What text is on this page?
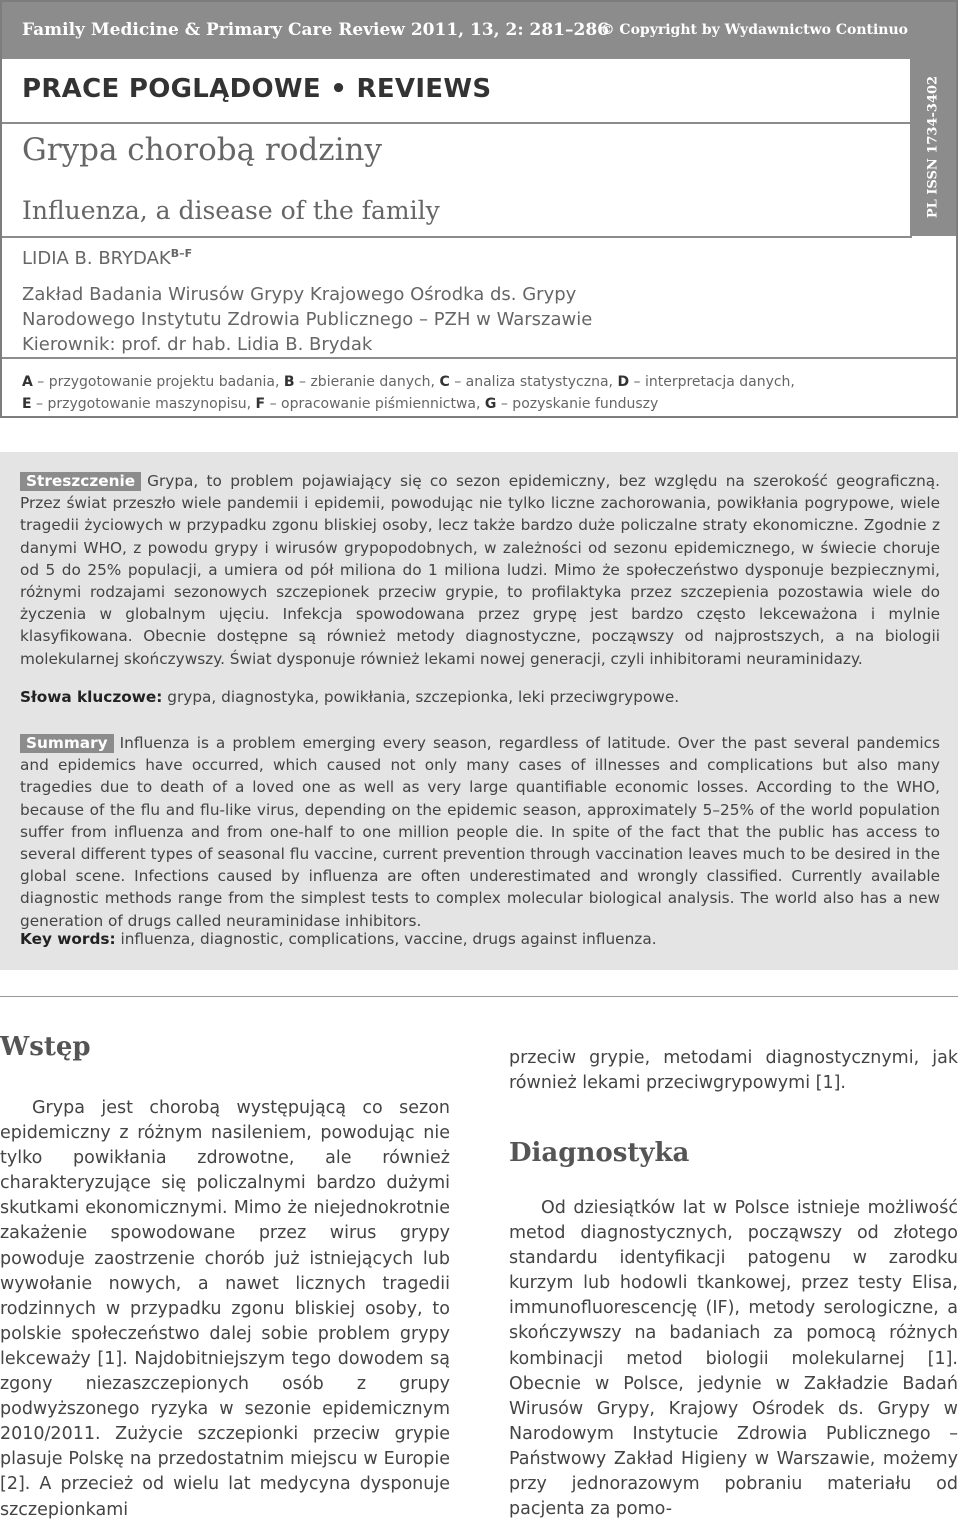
Family Medicine & Primary Care Review 2011, 13, 2: 281–286
© Copyright by Wydawnictwo Continuo
PL ISSN 1734-3402
PRACE POGLĄDOWE • REVIEWS
Grypa chorobą rodziny
Influenza, a disease of the family
LIDIA B. $BRYDAK^{B-F}$
Zakład Badania Wirusów Grypy Krajowego Ośrodka ds. Grypy
Narodowego Instytutu Zdrowia Publicznego – PZH w Warszawie
Kierownik: prof. dr hab. Lidia B. Brydak
A – przygotowanie projektu badania, B – zbieranie danych, C – analiza statystyczna, D – interpretacja danych,
E – przygotowanie maszynopisu, F – opracowanie piśmiennictwa, G – pozyskanie funduszy
Streszczenie Grypa, to problem pojawiający się co sezon epidemiczny, bez względu na szerokość geograficzną. Przez świat przeszło wiele pandemii i epidemii, powodując nie tylko liczne zachorowania, powikłania pogrypowe, wiele tragedii życiowych w przypadku zgonu bliskiej osoby, lecz także bardzo duże policzalne straty ekonomiczne. Zgodnie z danymi WHO, z powodu grypy i wirusów grypopodobnych, w zależności od sezonu epidemicznego, w świecie choruje od 5 do 25% populacji, a umiera od pół miliona do 1 miliona ludzi. Mimo że społeczeństwo dysponuje bezpiecznymi, różnymi rodzajami sezonowych szczepionek przeciw grypie, to profilaktyka przez szczepienia pozostawia wiele do życzenia w globalnym ujęciu. Infekcja spowodowana przez grypę jest bardzo często lekceważona i mylnie klasyfikowana. Obecnie dostępne są również metody diagnostyczne, począwszy od najprostszych, a na biologii molekularnej skończywszy. Świat dysponuje również lekami nowej generacji, czyli inhibitorami neuraminidazy.
Słowa kluczowe: grypa, diagnostyka, powikłania, szczepionka, leki przeciwgrypowe.
Summary Influenza is a problem emerging every season, regardless of latitude. Over the past several pandemics and epidemics have occurred, which caused not only many cases of illnesses and complications but also many tragedies due to death of a loved one as well as very large quantifiable economic losses. According to the WHO, because of the flu and flu-like virus, depending on the epidemic season, approximately 5–25% of the world population suffer from influenza and from one-half to one million people die. In spite of the fact that the public has access to several different types of seasonal flu vaccine, current prevention through vaccination leaves much to be desired in the global scene. Infections caused by influenza are often underestimated and wrongly classified. Currently available diagnostic methods range from the simplest tests to complex molecular biological analysis. The world also has a new generation of drugs called neuraminidase inhibitors.
Key words: influenza, diagnostic, complications, vaccine, drugs against influenza.
Wstęp

Grypa jest chorobą występującą co sezon epidemiczny z różnym nasileniem, powodując nie tylko powikłania zdrowotne, ale również charakteryzujące się policzalnymi bardzo dużymi skutkami ekonomicznymi. Mimo że niejednokrotnie zakażenie spowodowane przez wirus grypy powoduje zaostrzenie chorób już istniejących lub wywołanie nowych, a nawet licznych tragedii rodzinnych w przypadku zgonu bliskiej osoby, to polskie społeczeństwo dalej sobie problem grypy lekceważy [1]. Najdobitniejszym tego dowodem są zgony niezaszczepionych osób z grupy podwyższonego ryzyka w sezonie epidemicznym 2010/2011. Zużycie szczepionki przeciw grypie plasuje Polskę na przedostatnim miejscu w Europie [2]. A przecież od wielu lat medycyna dysponuje szczepionkami

przeciw grypie, metodami diagnostycznymi, jak również lekami przeciwgrypowymi [1].

Diagnostyka

Od dziesiątków lat w Polsce istnieje możliwość metod diagnostycznych, począwszy od złotego standardu identyfikacji patogenu w zarodku kurzym lub hodowli tkankowej, przez testy Elisa, immunofluorescencję (IF), metody serologiczne, a skończywszy na badaniach za pomocą różnych kombinacji metod biologii molekularnej [1]. Obecnie w Polsce, jedynie w Zakładzie Badań Wirusów Grypy, Krajowy Ośrodek ds. Grypy w Narodowym Instytucie Zdrowia Publicznego – Państwowy Zakład Higieny w Warszawie, możemy przy jednorazowym pobraniu materiału od pacjenta za pomo-
